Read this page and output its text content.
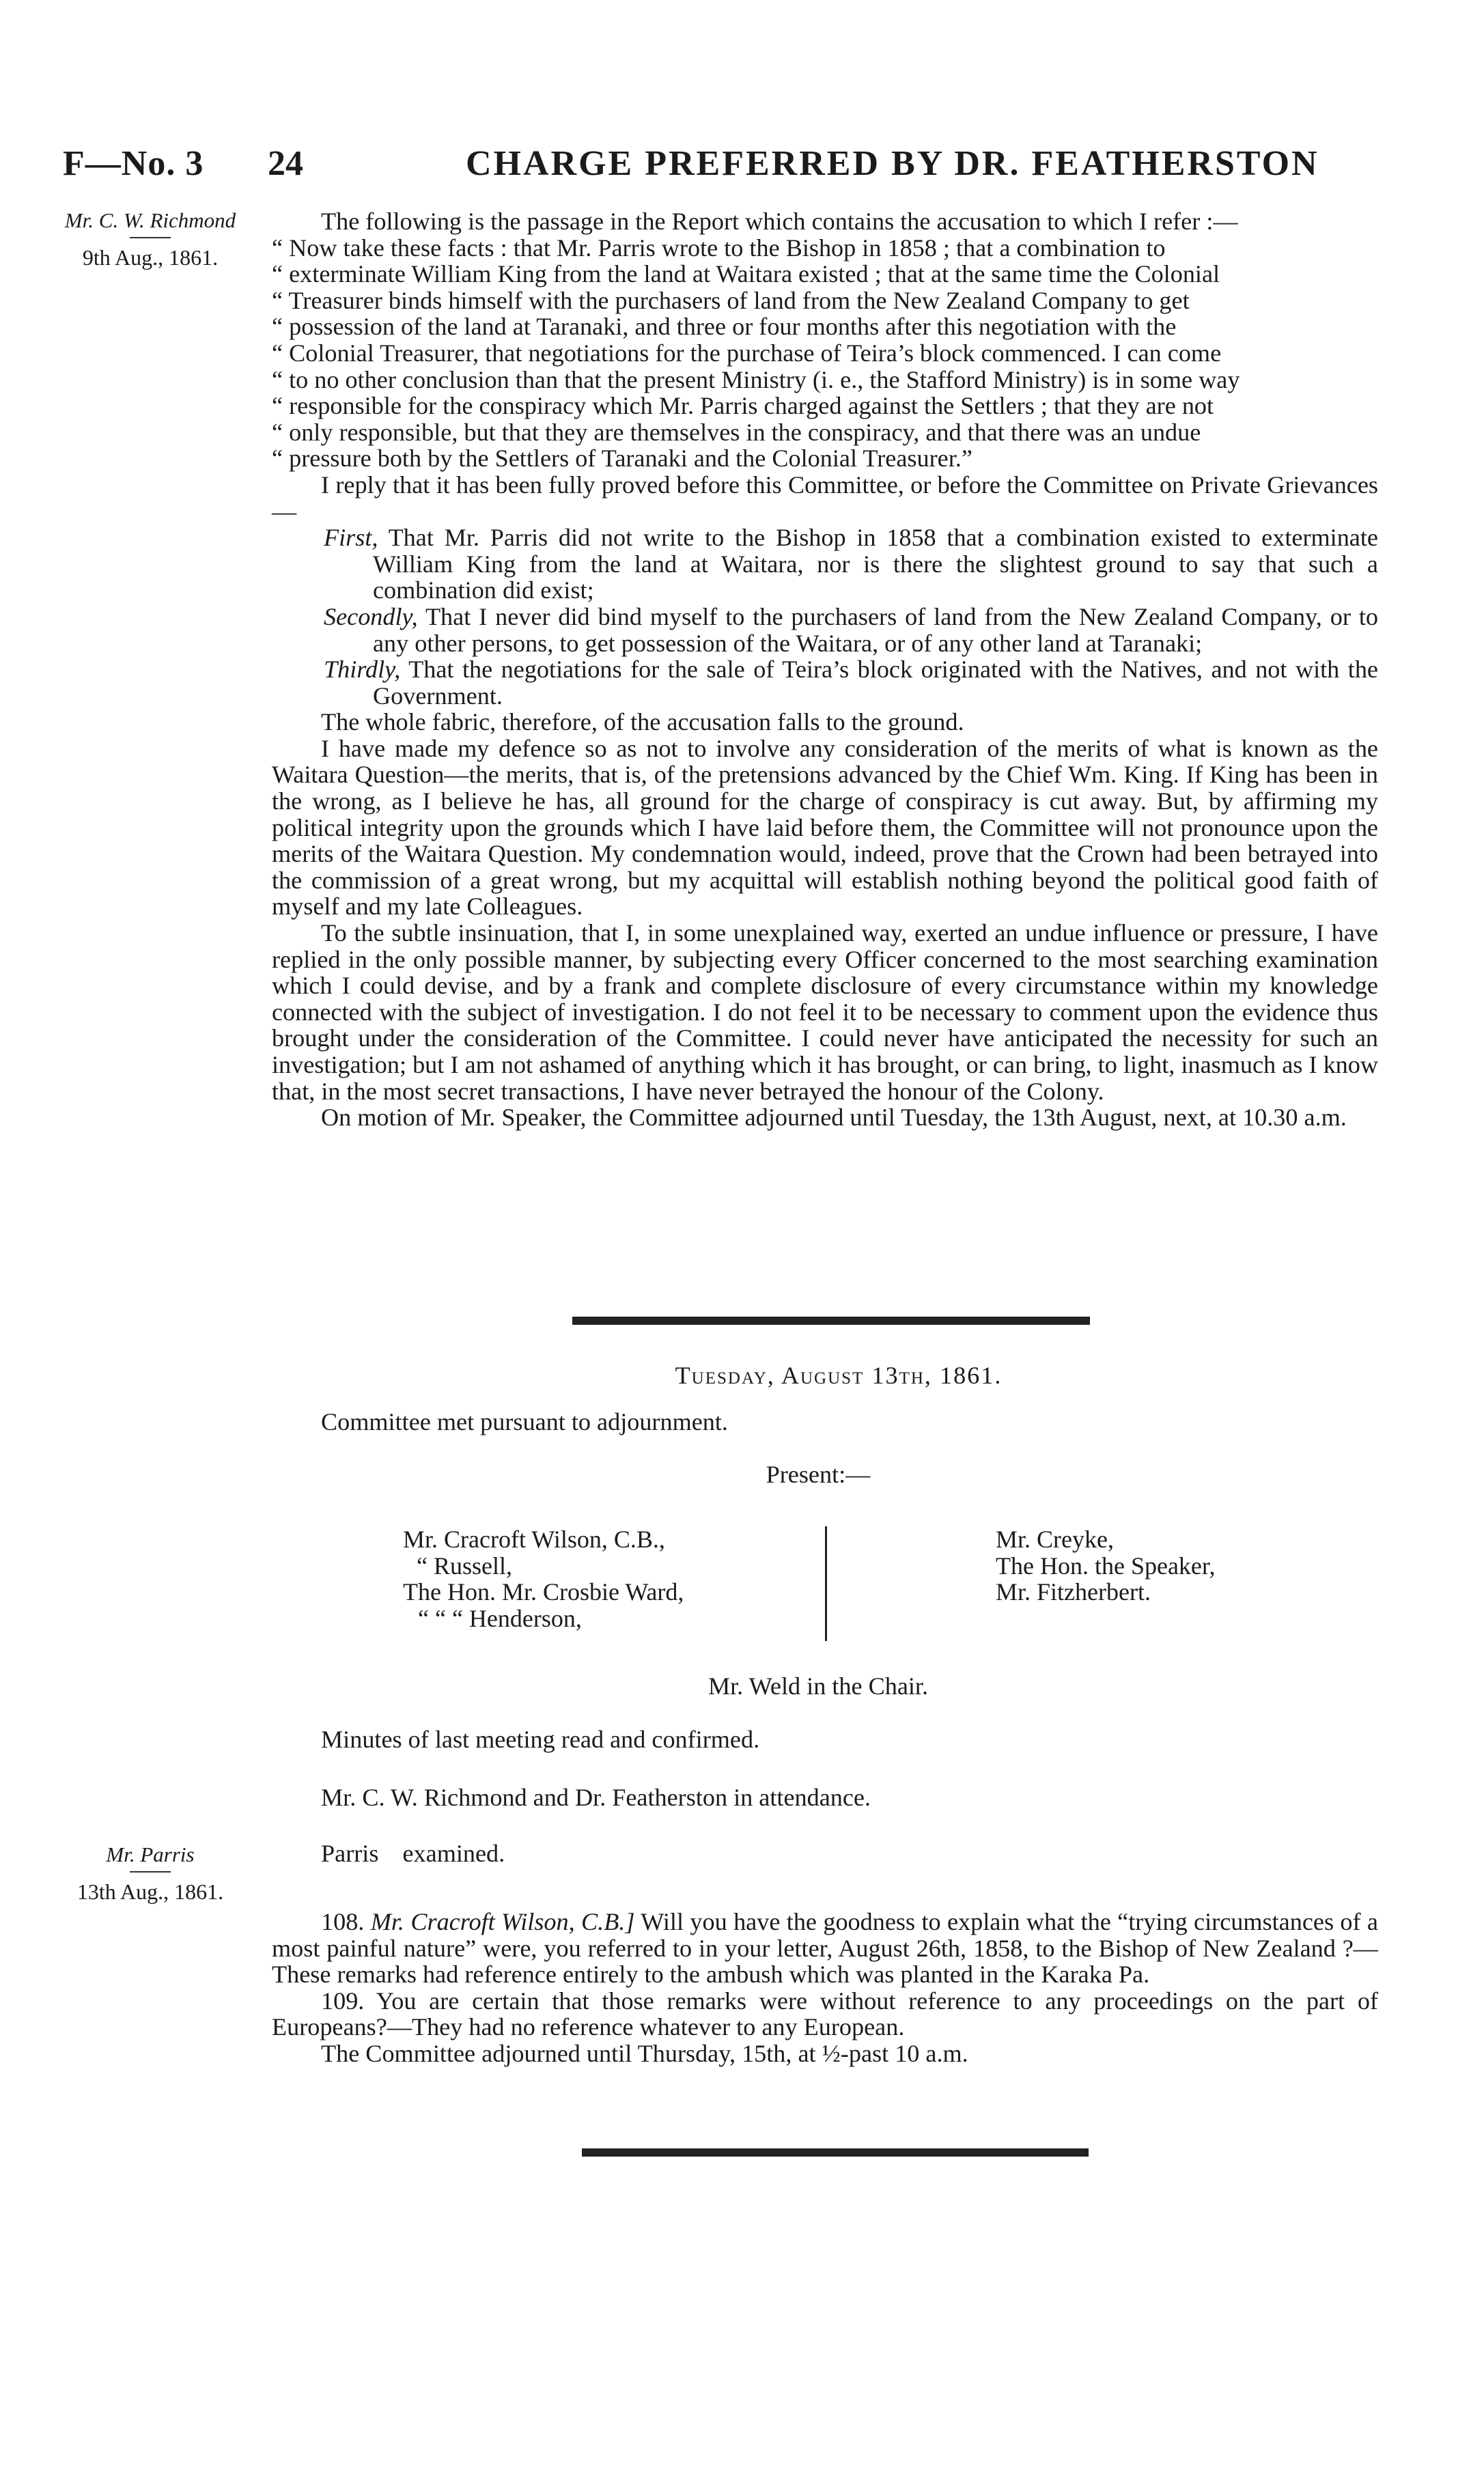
F—No. 3 24	CHARGE PREFERRED BY DR. FEATHERSTON
Mr. C. W. Richmond
9th Aug., 1861.

The following is the passage in the Report which contains the accusation to which I refer :—

“ Now take these facts : that Mr. Parris wrote to the Bishop in 1858 ; that a combination to
“ exterminate William King from the land at Waitara existed ; that at the same time the Colonial
“ Treasurer binds himself with the purchasers of land from the New Zealand Company to get
“ possession of the land at Taranaki, and three or four months after this negotiation with the
“ Colonial Treasurer, that negotiations for the purchase of Teira’s block commenced. I can come
“ to no other conclusion than that the present Ministry (i. e., the Stafford Ministry) is in some way
“ responsible for the conspiracy which Mr. Parris charged against the Settlers ; that they are not
“ only responsible, but that they are themselves in the conspiracy, and that there was an undue
“ pressure both by the Settlers of Taranaki and the Colonial Treasurer.”

I reply that it has been fully proved before this Committee, or before the Committee on Private Grievances—

First, That Mr. Parris did not write to the Bishop in 1858 that a combination existed to exterminate William King from the land at Waitara, nor is there the slightest ground to say that such a combination did exist;

Secondly, That I never did bind myself to the purchasers of land from the New Zealand Company, or to any other persons, to get possession of the Waitara, or of any other land at Taranaki;

Thirdly, That the negotiations for the sale of Teira’s block originated with the Natives, and not with the Government.

The whole fabric, therefore, of the accusation falls to the ground.

I have made my defence so as not to involve any consideration of the merits of what is known as the Waitara Question—the merits, that is, of the pretensions advanced by the Chief Wm. King. If King has been in the wrong, as I believe he has, all ground for the charge of conspiracy is cut away. But, by affirming my political integrity upon the grounds which I have laid before them, the Committee will not pronounce upon the merits of the Waitara Question. My condemnation would, indeed, prove that the Crown had been betrayed into the commission of a great wrong, but my acquittal will establish nothing beyond the political good faith of myself and my late Colleagues.

To the subtle insinuation, that I, in some unexplained way, exerted an undue influence or pressure, I have replied in the only possible manner, by subjecting every Officer concerned to the most searching examination which I could devise, and by a frank and complete disclosure of every circumstance within my knowledge connected with the subject of investigation. I do not feel it to be necessary to comment upon the evidence thus brought under the consideration of the Committee. I could never have anticipated the necessity for such an investigation; but I am not ashamed of anything which it has brought, or can bring, to light, inasmuch as I know that, in the most secret transactions, I have never betrayed the honour of the Colony.

On motion of Mr. Speaker, the Committee adjourned until Tuesday, the 13th August, next, at 10.30 a.m.

Tuesday, August 13th, 1861.
Committee met pursuant to adjournment.
Present:—
Mr. Cracroft Wilson, C.B.,
“ Russell,
The Hon. Mr. Crosbie Ward,
“ “ “ Henderson,
Mr. Creyke,
The Hon. the Speaker,
Mr. Fitzherbert.
Mr. Weld in the Chair.
Minutes of last meeting read and confirmed.
Mr. C. W. Richmond and Dr. Featherston in attendance.
Mr. Parris
13th Aug., 1861.
Parris examined.

108. Mr. Cracroft Wilson, C.B.] Will you have the goodness to explain what the “trying circumstances of a most painful nature” were, you referred to in your letter, August 26th, 1858, to the Bishop of New Zealand ?—These remarks had reference entirely to the ambush which was planted in the Karaka Pa.

109. You are certain that those remarks were without reference to any proceedings on the part of Europeans?—They had no reference whatever to any European.

The Committee adjourned until Thursday, 15th, at ½-past 10 a.m.
